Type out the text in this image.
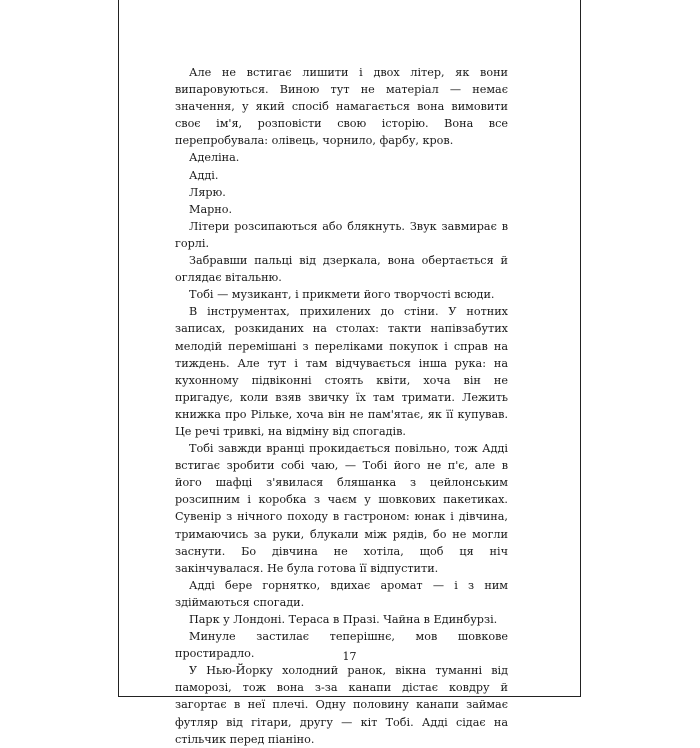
Але не встигає лишити і двох літер, як вони випаровуються. Виною тут не матеріал — немає значення, у який спосіб намагається вона вимовити своє ім'я, розповісти свою історію. Вона все перепробувала: олівець, чорнило, фарбу, кров.

Аделіна.

Адді.

Лярю.

Марно.

Літери розсипаються або блякнуть. Звук завмирає в горлі.

Забравши пальці від дзеркала, вона обертається й оглядає вітальню.

Тобі — музикант, і прикмети його творчості всюди.

В інструментах, прихилених до стіни. У нотних записах, розкиданих на столах: такти напівзабутих мелодій перемішані з переліками покупок і справ на тиждень. Але тут і там відчувається інша рука: на кухонному підвіконні стоять квіти, хоча він не пригадує, коли взяв звичку їх там тримати. Лежить книжка про Рільке, хоча він не пам'ятає, як її купував. Це речі тривкі, на відміну від спогадів.

Тобі завжди вранці прокидається повільно, тож Адді встигає зробити собі чаю, — Тобі його не п'є, але в його шафці з'явилася бляшанка з цейлонським розсипним і коробка з чаєм у шовкових пакетиках. Сувенір з нічного походу в гастроном: юнак і дівчина, тримаючись за руки, блукали між рядів, бо не могли заснути. Бо дівчина не хотіла, щоб ця ніч закінчувалася. Не була готова її відпустити.

Адді бере горнятко, вдихає аромат — і з ним здіймаються спогади.

Парк у Лондоні. Тераса в Празі. Чайна в Единбурзі.

Минуле застилає теперішнє, мов шовкове простирадло.

У Нью-Йорку холодний ранок, вікна туманні від паморозі, тож вона з-за канапи дістає ковдру й загортає в неї плечі. Одну половину канапи займає футляр від гітари, другу — кіт Тобі. Адді сідає на стільчик перед піаніно.

17
